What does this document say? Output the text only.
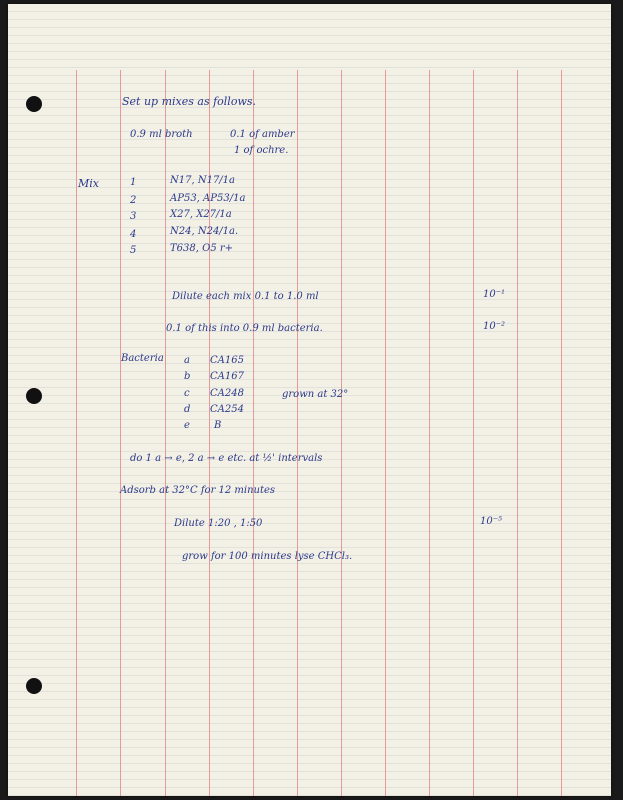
Set up mixes as follows.
0.9 ml broth	0.1 of amber
1 of ochre.
Mix	1	N17, N17/1a
2	AP53, AP53/1a
3	X27, X27/1a
4	N24, N24/1a.
5	T638, O5 r+
Dilute each mix 0.1 to 1.0 ml	10⁻¹
0.1 of this into 0.9 ml bacteria.	10⁻²
Bacteria a CA165
b CA167
c CA248
d CA254
e B
grown at 32°
do 1 a → e, 2 a → e etc. at ½' intervals
Adsorb at 32°C for 12 minutes
Dilute 1:20 , 1:50	10⁻⁵
grow for 100 minutes lyse CHCl₃.
